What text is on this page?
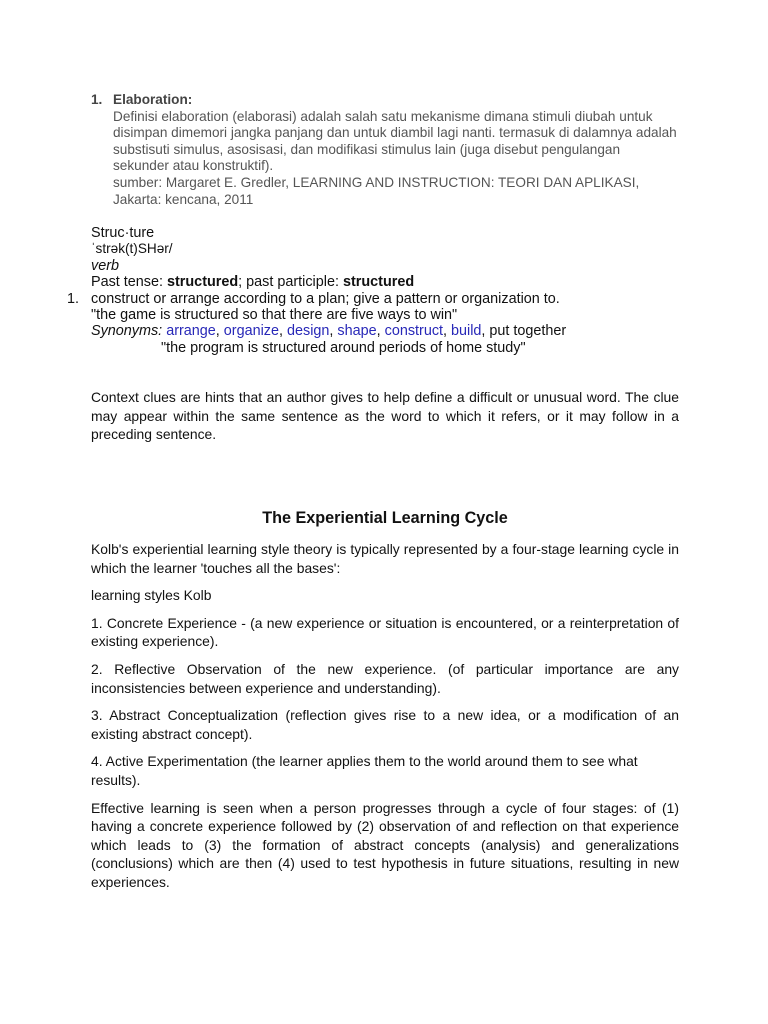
1. Elaboration:

Definisi elaboration (elaborasi) adalah salah satu mekanisme dimana stimuli diubah untuk

disimpan dimemori jangka panjang dan untuk diambil lagi nanti. termasuk di dalamnya adalah

substisuti simulus, asosisasi, dan modifikasi stimulus lain (juga disebut pengulangan

sekunder atau konstruktif).

sumber: Margaret E. Gredler, LEARNING AND INSTRUCTION: TEORI DAN APLIKASI,

Jakarta: kencana, 2011

Struc·ture
ˈstrək(t)SHər/
verb
Past tense: structured; past participle: structured
1. construct or arrange according to a plan; give a pattern or organization to.
"the game is structured so that there are five ways to win"
Synonyms: arrange, organize, design, shape, construct, build, put together
"the program is structured around periods of home study"
Context clues are hints that an author gives to help define a difficult or unusual word. The clue may appear within the same sentence as the word to which it refers, or it may follow in a preceding sentence.
The Experiential Learning Cycle

Kolb's experiential learning style theory is typically represented by a four-stage learning cycle in which the learner 'touches all the bases':

learning styles Kolb

1. Concrete Experience - (a new experience or situation is encountered, or a reinterpretation of existing experience).

2. Reflective Observation of the new experience. (of particular importance are any inconsistencies between experience and understanding).

3. Abstract Conceptualization (reflection gives rise to a new idea, or a modification of an existing abstract concept).

4. Active Experimentation (the learner applies them to the world around them to see what results).

Effective learning is seen when a person progresses through a cycle of four stages: of (1) having a concrete experience followed by (2) observation of and reflection on that experience which leads to (3) the formation of abstract concepts (analysis) and generalizations (conclusions) which are then (4) used to test hypothesis in future situations, resulting in new experiences.
